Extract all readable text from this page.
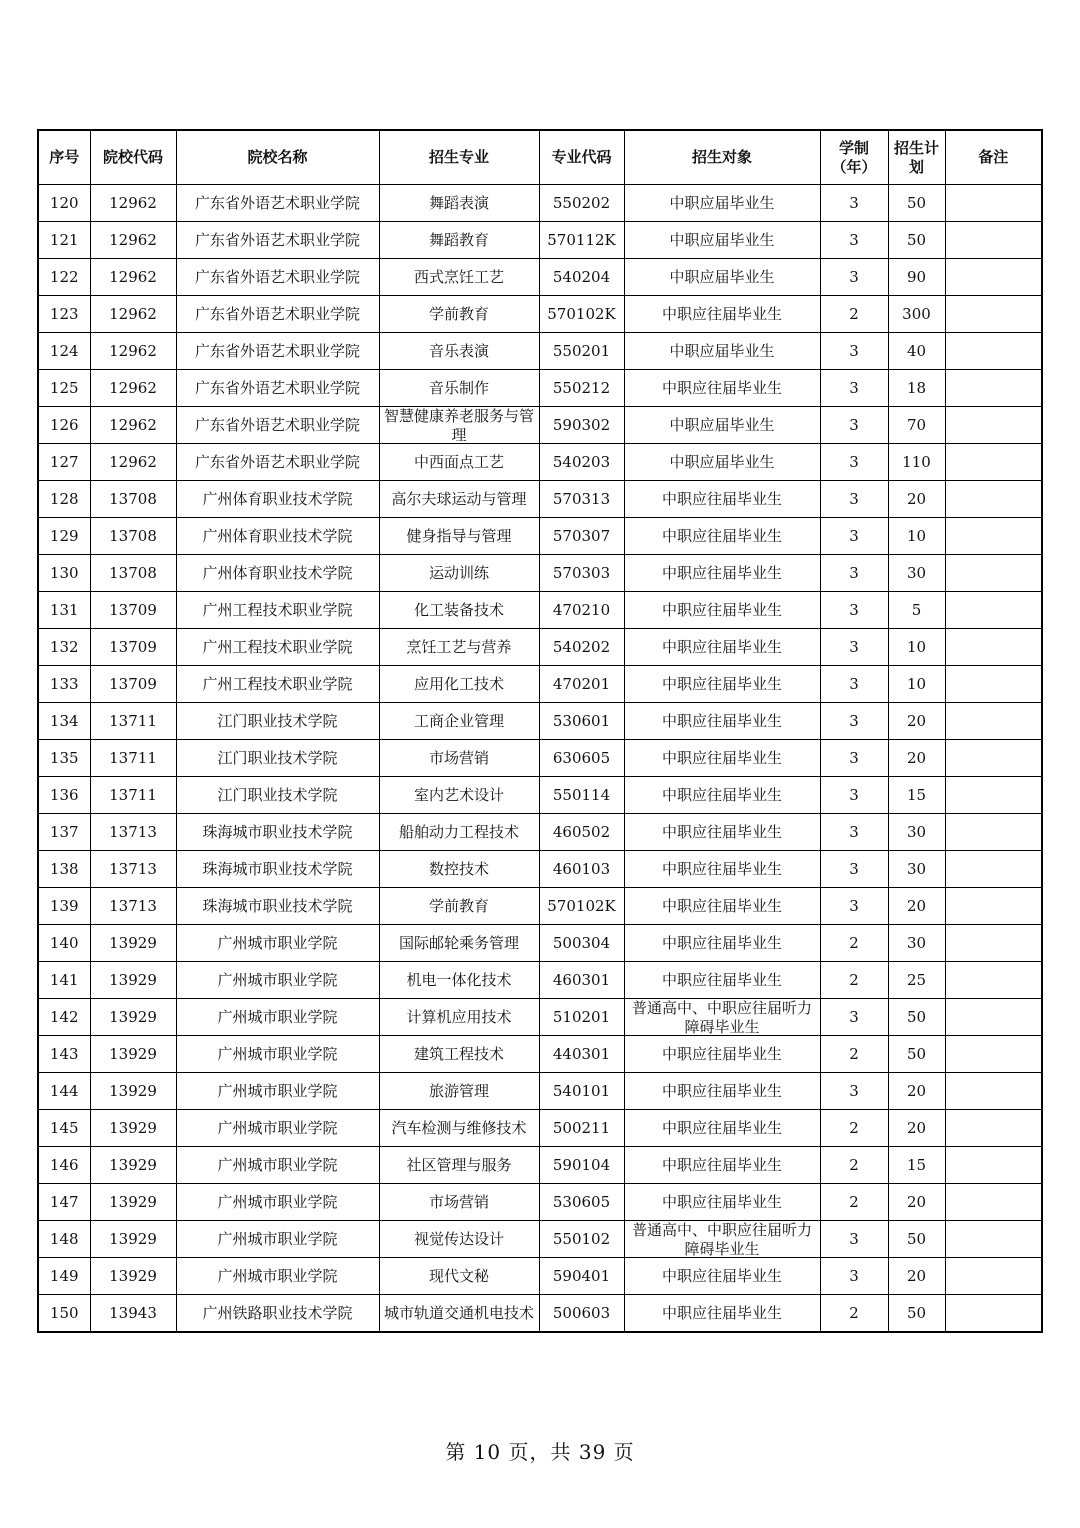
序号	院校代码	院校名称	招生专业	专业代码	招生对象	学制（年）	招生计划	备注

120	12962	广东省外语艺术职业学院	舞蹈表演	550202	中职应届毕业生	3	50	

121	12962	广东省外语艺术职业学院	舞蹈教育	570112K	中职应届毕业生	3	50	

122	12962	广东省外语艺术职业学院	西式烹饪工艺	540204	中职应届毕业生	3	90	

123	12962	广东省外语艺术职业学院	学前教育	570102K	中职应往届毕业生	2	300	

124	12962	广东省外语艺术职业学院	音乐表演	550201	中职应届毕业生	3	40	

125	12962	广东省外语艺术职业学院	音乐制作	550212	中职应往届毕业生	3	18	

126	12962	广东省外语艺术职业学院	智慧健康养老服务与管理	590302	中职应届毕业生	3	70	

127	12962	广东省外语艺术职业学院	中西面点工艺	540203	中职应届毕业生	3	110	

128	13708	广州体育职业技术学院	高尔夫球运动与管理	570313	中职应往届毕业生	3	20	

129	13708	广州体育职业技术学院	健身指导与管理	570307	中职应往届毕业生	3	10	

130	13708	广州体育职业技术学院	运动训练	570303	中职应往届毕业生	3	30	

131	13709	广州工程技术职业学院	化工装备技术	470210	中职应往届毕业生	3	5	

132	13709	广州工程技术职业学院	烹饪工艺与营养	540202	中职应往届毕业生	3	10	

133	13709	广州工程技术职业学院	应用化工技术	470201	中职应往届毕业生	3	10	

134	13711	江门职业技术学院	工商企业管理	530601	中职应往届毕业生	3	20	

135	13711	江门职业技术学院	市场营销	630605	中职应往届毕业生	3	20	

136	13711	江门职业技术学院	室内艺术设计	550114	中职应往届毕业生	3	15	

137	13713	珠海城市职业技术学院	船舶动力工程技术	460502	中职应往届毕业生	3	30	

138	13713	珠海城市职业技术学院	数控技术	460103	中职应往届毕业生	3	30	

139	13713	珠海城市职业技术学院	学前教育	570102K	中职应往届毕业生	3	20	

140	13929	广州城市职业学院	国际邮轮乘务管理	500304	中职应往届毕业生	2	30	

141	13929	广州城市职业学院	机电一体化技术	460301	中职应往届毕业生	2	25	

142	13929	广州城市职业学院	计算机应用技术	510201	普通高中、中职应往届听力障碍毕业生	3	50	

143	13929	广州城市职业学院	建筑工程技术	440301	中职应往届毕业生	2	50	

144	13929	广州城市职业学院	旅游管理	540101	中职应往届毕业生	3	20	

145	13929	广州城市职业学院	汽车检测与维修技术	500211	中职应往届毕业生	2	20	

146	13929	广州城市职业学院	社区管理与服务	590104	中职应往届毕业生	2	15	

147	13929	广州城市职业学院	市场营销	530605	中职应往届毕业生	2	20	

148	13929	广州城市职业学院	视觉传达设计	550102	普通高中、中职应往届听力障碍毕业生	3	50	

149	13929	广州城市职业学院	现代文秘	590401	中职应往届毕业生	3	20	

150	13943	广州铁路职业技术学院	城市轨道交通机电技术	500603	中职应往届毕业生	2	50	

第 10 页，共 39 页
